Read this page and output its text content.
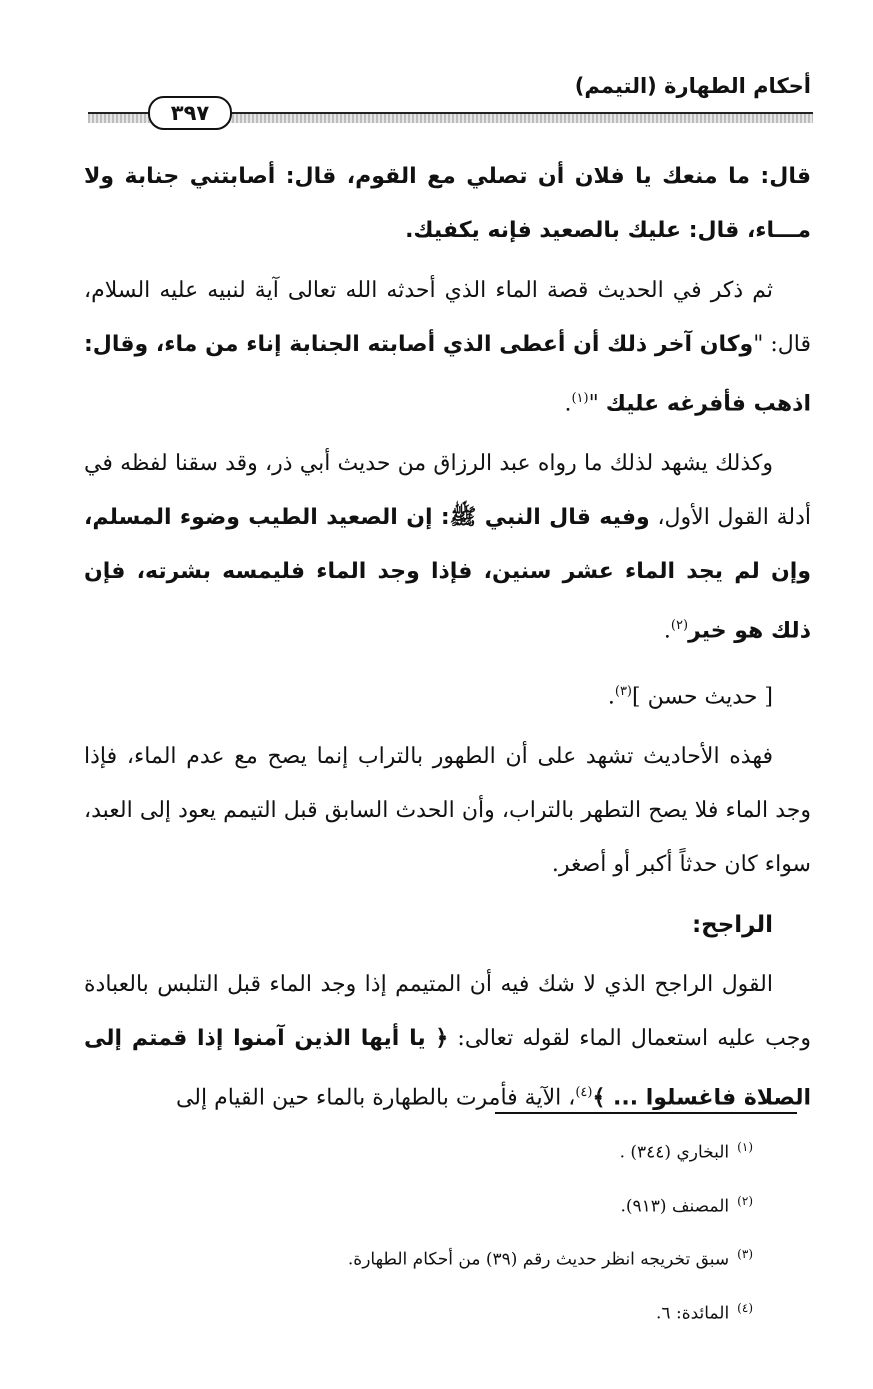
أحكام الطهارة (التيمم)
٣٩٧

قال: ما منعك يا فلان أن تصلي مع القوم، قال: أصابتني جنابة ولا مـــاء، قال: عليك بالصعيد فإنه يكفيك.

ثم ذكر في الحديث قصة الماء الذي أحدثه الله تعالى آية لنبيه عليه السلام، قال: "وكان آخر ذلك أن أعطى الذي أصابته الجنابة إناء من ماء، وقال: اذهب فأفرغه عليك "$^{(١)}$.

وكذلك يشهد لذلك ما رواه عبد الرزاق من حديث أبي ذر، وقد سقنا لفظه في أدلة القول الأول، وفيه قال النبي ﷺ: إن الصعيد الطيب وضوء المسلم، وإن لم يجد الماء عشر سنين، فإذا وجد الماء فليمسه بشرته، فإن ذلك هو خير$^{(٢)}$.

[ حديث حسن ]$^{(٣)}$.

فهذه الأحاديث تشهد على أن الطهور بالتراب إنما يصح مع عدم الماء، فإذا وجد الماء فلا يصح التطهر بالتراب، وأن الحدث السابق قبل التيمم يعود إلى العبد، سواء كان حدثاً أكبر أو أصغر.

الراجح:

القول الراجح الذي لا شك فيه أن المتيمم إذا وجد الماء قبل التلبس بالعبادة وجب عليه استعمال الماء لقوله تعالى: ﴿ يا أيها الذين آمنوا إذا قمتم إلى الصلاة فاغسلوا ... ﴾$^{(٤)}$، الآية فأمرت بالطهارة بالماء حين القيام إلى

$^{(١)}$البخاري (٣٤٤) .
$^{(٢)}$المصنف (٩١٣).
$^{(٣)}$سبق تخريجه انظر حديث رقم (٣٩) من أحكام الطهارة.
$^{(٤)}$المائدة: ٦.
